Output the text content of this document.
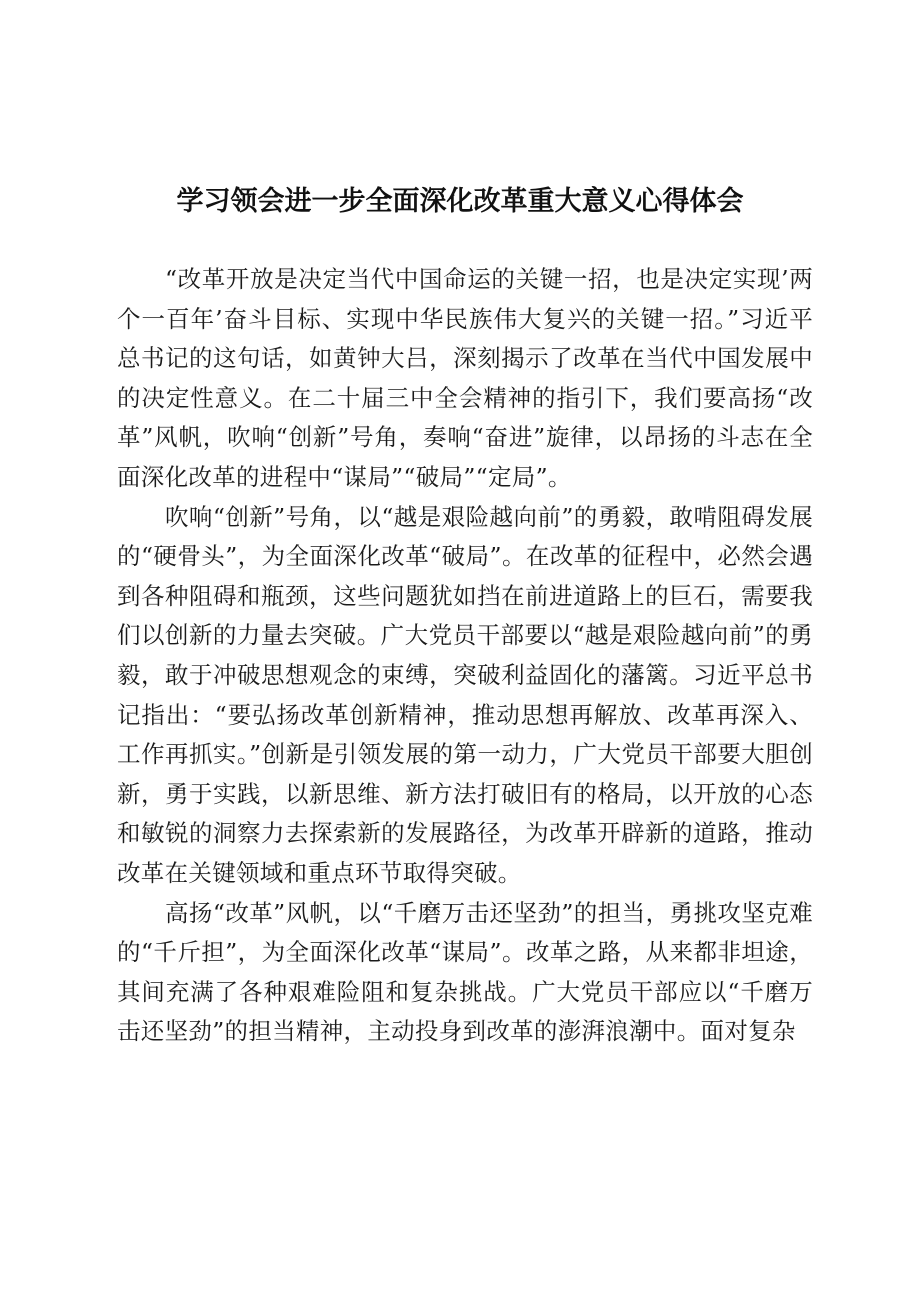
学习领会进一步全面深化改革重大意义心得体会

“改革开放是决定当代中国命运的关键一招，也是决定实现’两个一百年’奋斗目标、实现中华民族伟大复兴的关键一招。”习近平总书记的这句话，如黄钟大吕，深刻揭示了改革在当代中国发展中的决定性意义。在二十届三中全会精神的指引下，我们要高扬“改革”风帆，吹响“创新”号角，奏响“奋进”旋律，以昂扬的斗志在全面深化改革的进程中“谋局”“破局”“定局”。

吹响“创新”号角，以“越是艰险越向前”的勇毅，敢啃阻碍发展的“硬骨头”，为全面深化改革“破局”。在改革的征程中，必然会遇到各种阻碍和瓶颈，这些问题犹如挡在前进道路上的巨石，需要我们以创新的力量去突破。广大党员干部要以“越是艰险越向前”的勇毅，敢于冲破思想观念的束缚，突破利益固化的藩篱。习近平总书记指出：“要弘扬改革创新精神，推动思想再解放、改革再深入、工作再抓实。”创新是引领发展的第一动力，广大党员干部要大胆创新，勇于实践，以新思维、新方法打破旧有的格局，以开放的心态和敏锐的洞察力去探索新的发展路径，为改革开辟新的道路，推动改革在关键领域和重点环节取得突破。

高扬“改革”风帆，以“千磨万击还坚劲”的担当，勇挑攻坚克难的“千斤担”，为全面深化改革“谋局”。改革之路，从来都非坦途，其间充满了各种艰难险阻和复杂挑战。广大党员干部应以“千磨万击还坚劲”的担当精神，主动投身到改革的澎湃浪潮中。面对复杂
